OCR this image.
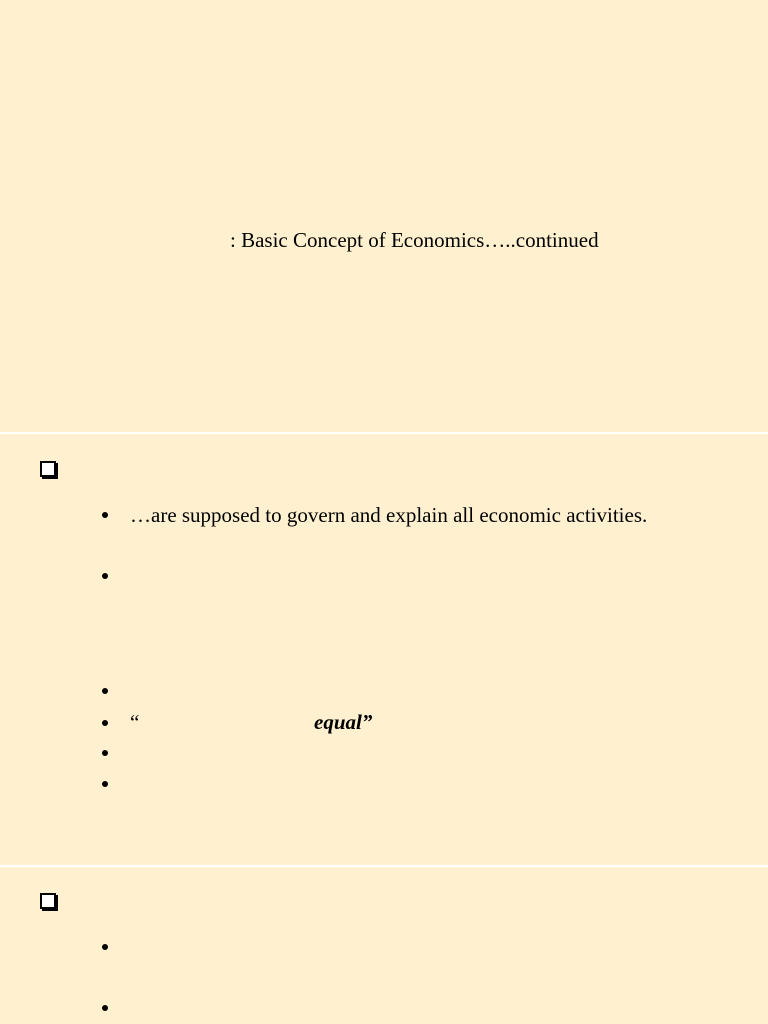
: Basic Concept of Economics…..continued
…are supposed to govern and explain all economic activities.
“	equal”
